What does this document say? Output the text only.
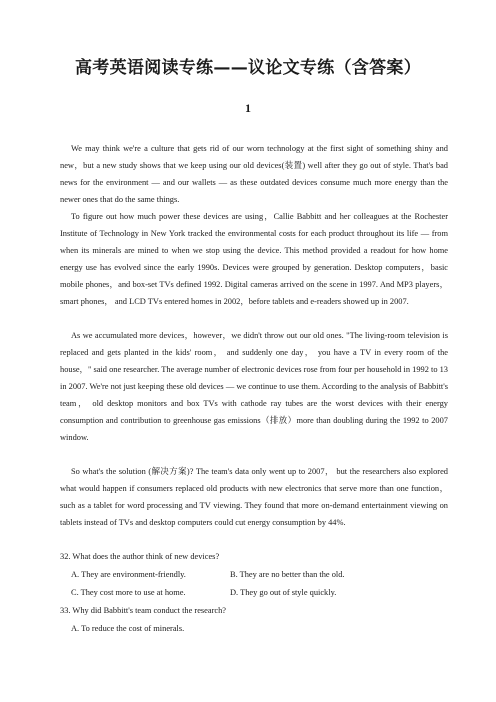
高考英语阅读专练——议论文专练（含答案）
1

We may think we're a culture that gets rid of our worn technology at the first sight of something shiny and new，but a new study shows that we keep using our old devices(装置) well after they go out of style. That's bad news for the environment — and our wallets — as these outdated devices consume much more energy than the newer ones that do the same things.

To figure out how much power these devices are using，Callie Babbitt and her colleagues at the Rochester Institute of Technology in New York tracked the environmental costs for each product throughout its life — from when its minerals are mined to when we stop using the device. This method provided a readout for how home energy use has evolved since the early 1990s. Devices were grouped by generation. Desktop computers，basic mobile phones，and box-set TVs defined 1992. Digital cameras arrived on the scene in 1997. And MP3 players，smart phones， and LCD TVs entered homes in 2002，before tablets and e-readers showed up in 2007.

As we accumulated more devices，however，we didn't throw out our old ones. "The living-room television is replaced and gets planted in the kids' room， and suddenly one day， you have a TV in every room of the house，" said one researcher. The average number of electronic devices rose from four per household in 1992 to 13 in 2007. We're not just keeping these old devices — we continue to use them. According to the analysis of Babbitt's team， old desktop monitors and box TVs with cathode ray tubes are the worst devices with their energy consumption and contribution to greenhouse gas emissions（排放）more than doubling during the 1992 to 2007 window.

So what's the solution (解决方案)? The team's data only went up to 2007， but the researchers also explored what would happen if consumers replaced old products with new electronics that serve more than one function，such as a tablet for word processing and TV viewing. They found that more on-demand entertainment viewing on tablets instead of TVs and desktop computers could cut energy consumption by 44%.

32. What does the author think of new devices?
A. They are environment-friendly.	B. They are no better than the old.
C. They cost more to use at home.	D. They go out of style quickly.
33. Why did Babbitt's team conduct the research?
A. To reduce the cost of minerals.
